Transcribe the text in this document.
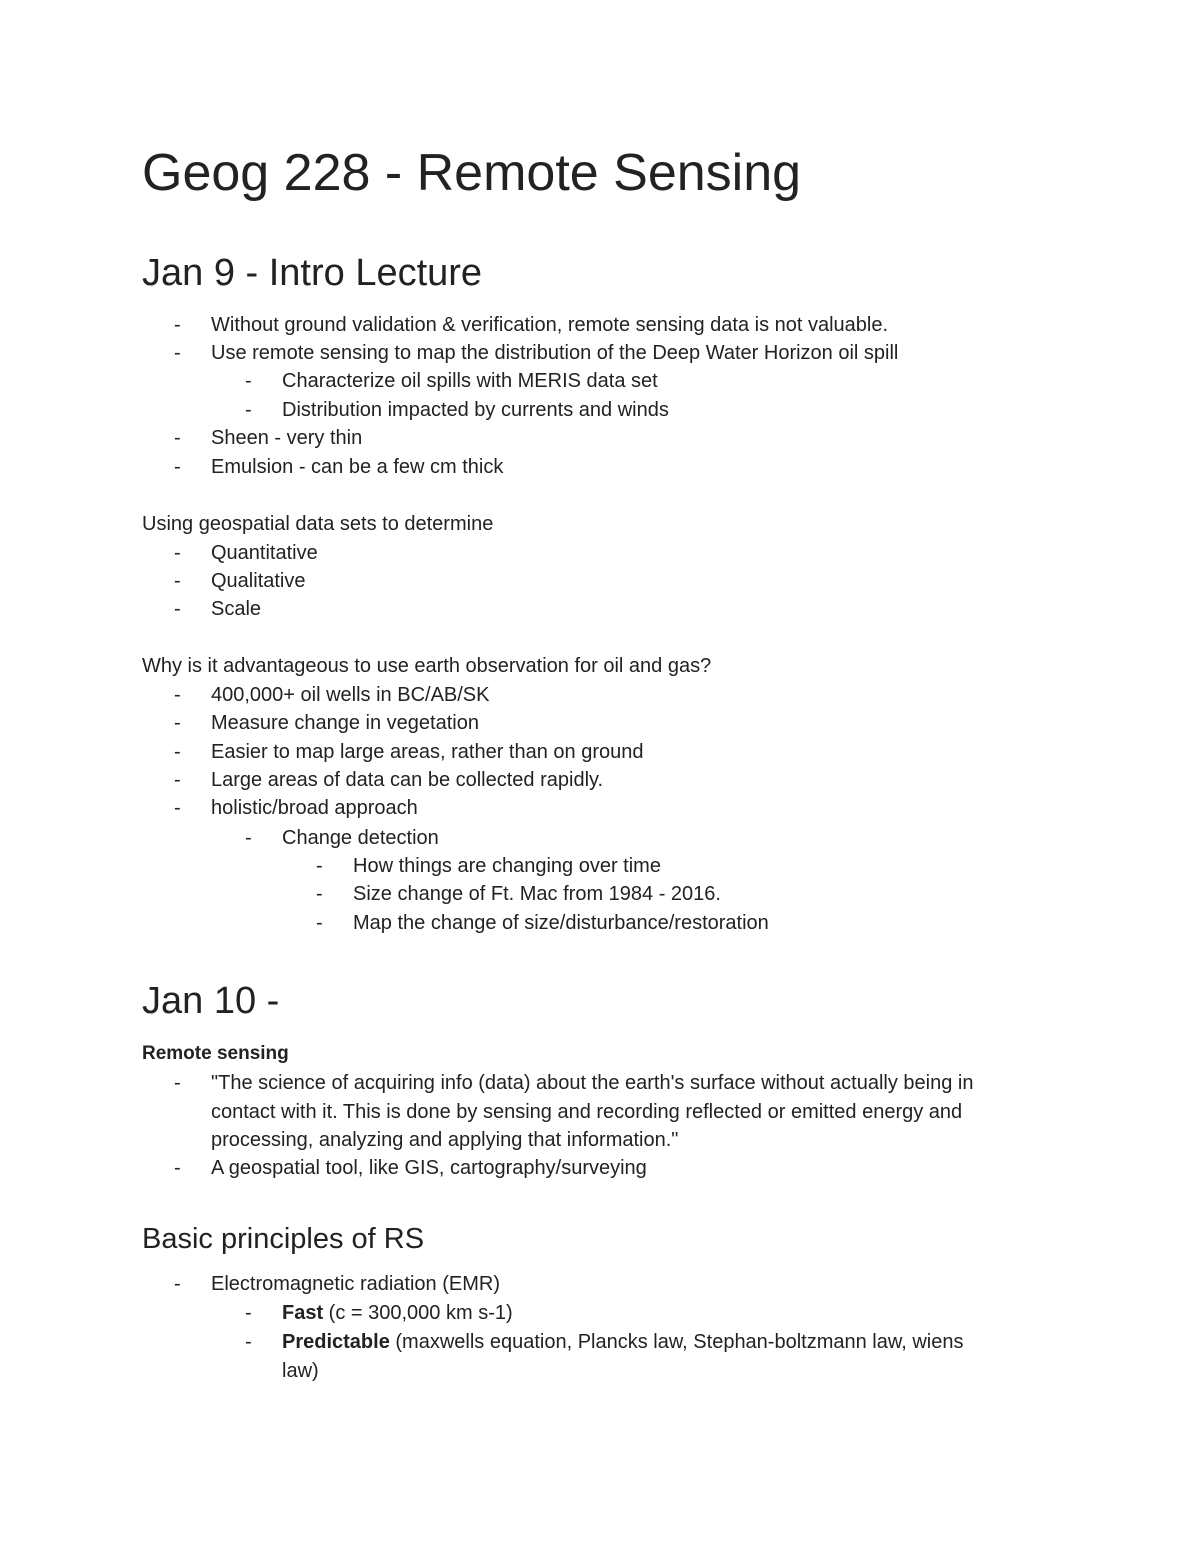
Geog 228 - Remote Sensing
Jan 9 - Intro Lecture
- Without ground validation & verification, remote sensing data is not valuable.
- Use remote sensing to map the distribution of the Deep Water Horizon oil spill
- Characterize oil spills with MERIS data set
- Distribution impacted by currents and winds
- Sheen - very thin
- Emulsion - can be a few cm thick
Using geospatial data sets to determine
- Quantitative
- Qualitative
- Scale
Why is it advantageous to use earth observation for oil and gas?
- 400,000+ oil wells in BC/AB/SK
- Measure change in vegetation
- Easier to map large areas, rather than on ground
- Large areas of data can be collected rapidly.
- holistic/broad approach
- Change detection
- How things are changing over time
- Size change of Ft. Mac from 1984 - 2016.
- Map the change of size/disturbance/restoration
Jan 10 -
Remote sensing
- "The science of acquiring info (data) about the earth's surface without actually being in
contact with it. This is done by sensing and recording reflected or emitted energy and
processing, analyzing and applying that information."
- A geospatial tool, like GIS, cartography/surveying
Basic principles of RS
- Electromagnetic radiation (EMR)
- Fast (c = 300,000 km s-1)
- Predictable (maxwells equation, Plancks law, Stephan-boltzmann law, wiens
law)
